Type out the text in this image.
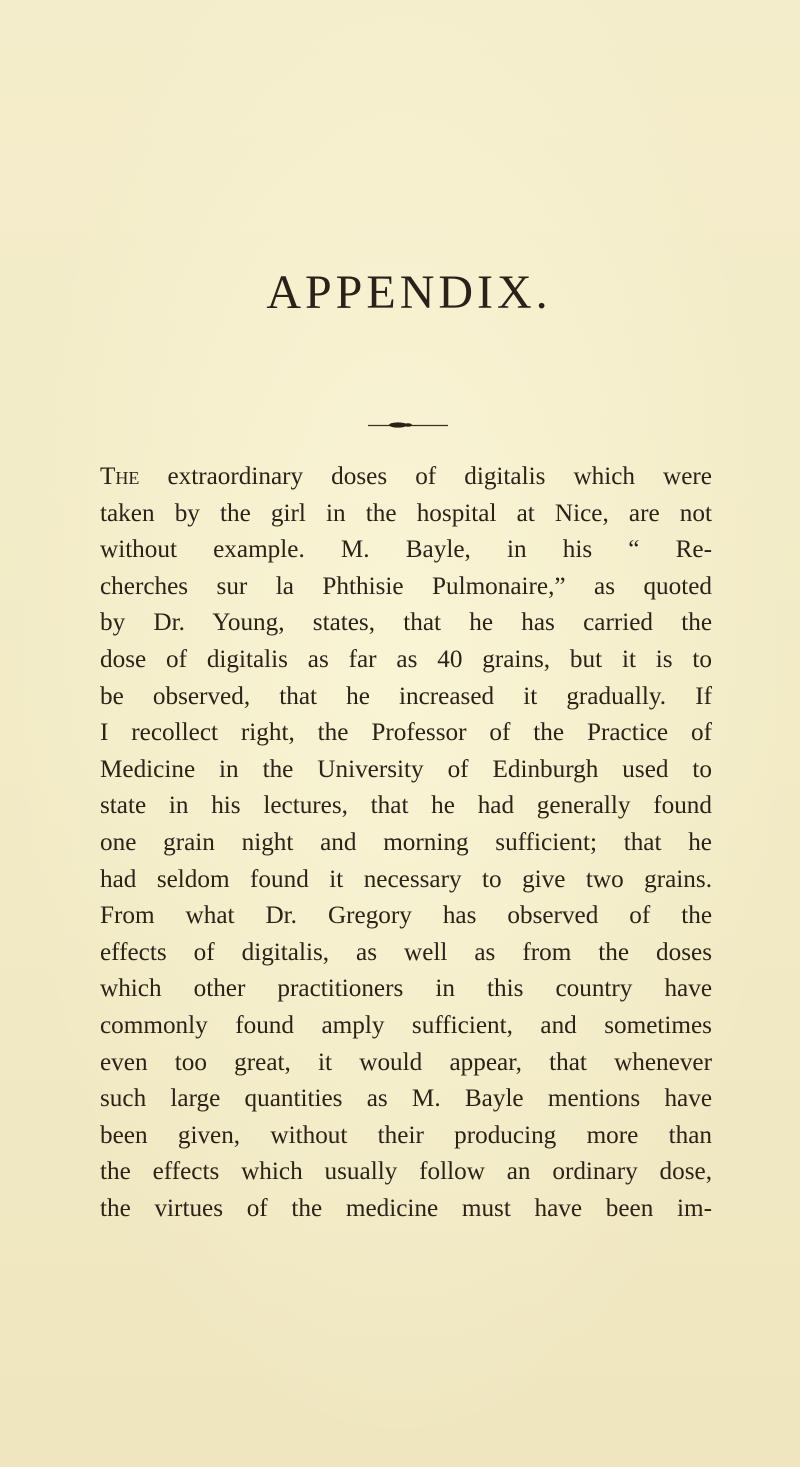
APPENDIX.
The extraordinary doses of digitalis which were
taken by the girl in the hospital at Nice, are not
without example. M. Bayle, in his “ Re-
cherches sur la Phthisie Pulmonaire,” as quoted
by Dr. Young, states, that he has carried the
dose of digitalis as far as 40 grains, but it is to
be observed, that he increased it gradually. If
I recollect right, the Professor of the Practice of
Medicine in the University of Edinburgh used to
state in his lectures, that he had generally found
one grain night and morning sufficient; that he
had seldom found it necessary to give two grains.
From what Dr. Gregory has observed of the
effects of digitalis, as well as from the doses
which other practitioners in this country have
commonly found amply sufficient, and sometimes
even too great, it would appear, that whenever
such large quantities as M. Bayle mentions have
been given, without their producing more than
the effects which usually follow an ordinary dose,
the virtues of the medicine must have been im-
